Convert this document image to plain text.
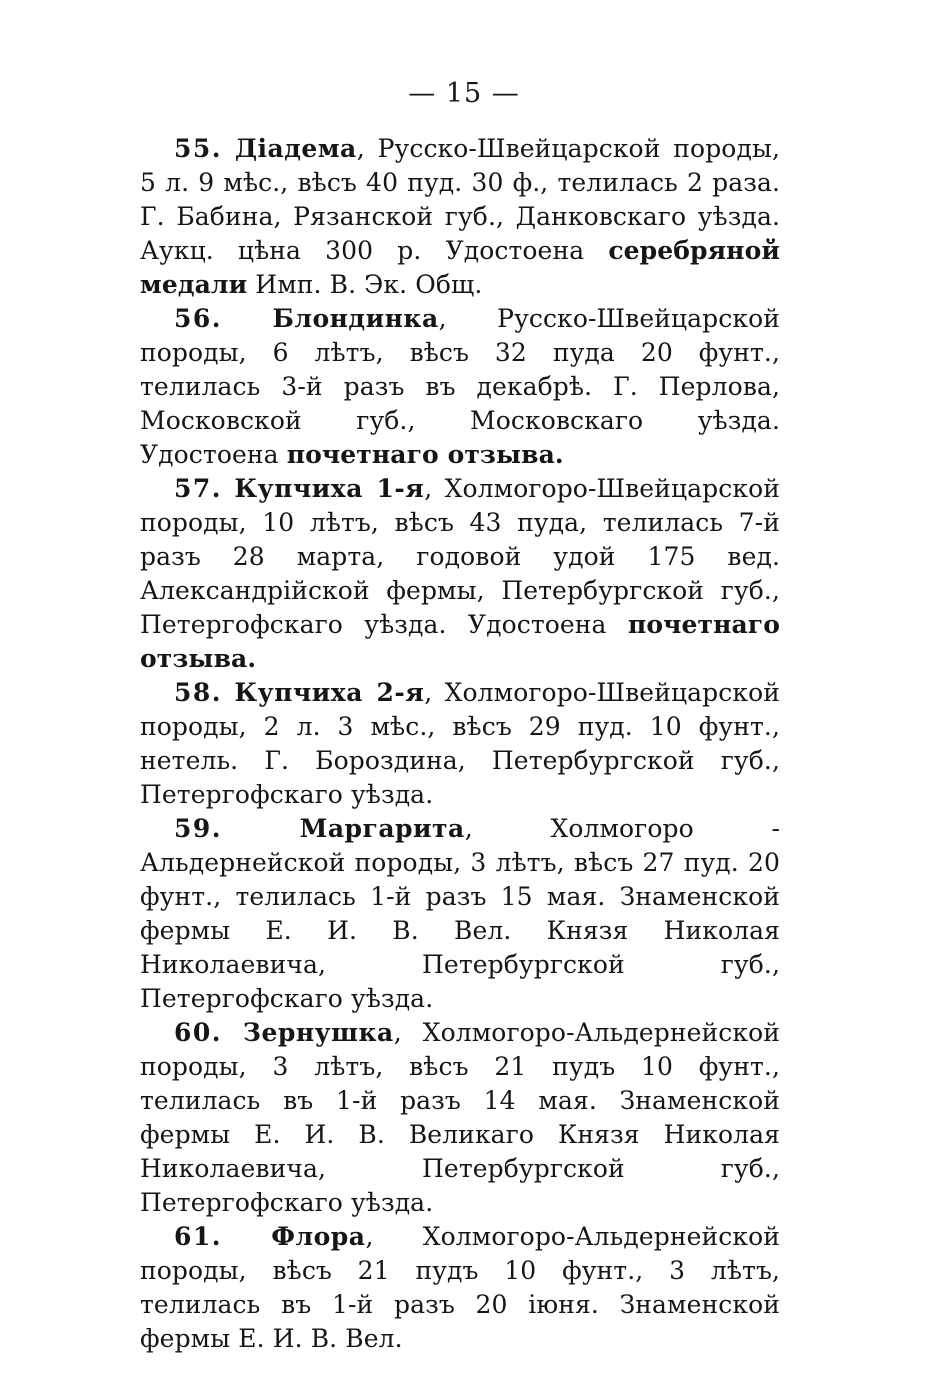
— 15 —

55. Діадема, Русско-Швейцарской породы, 5 л. 9 мѣс., вѣсъ 40 пуд. 30 ф., телилась 2 раза. Г. Бабина, Рязанской губ., Данковскаго уѣзда. Аукц. цѣна 300 р. Удостоена серебряной медали Имп. В. Эк. Общ.

56. Блондинка, Русско-Швейцарской породы, 6 лѣтъ, вѣсъ 32 пуда 20 фунт., телилась 3-й разъ въ декабрѣ. Г. Перлова, Московской губ., Московскаго уѣзда. Удостоена почетнаго отзыва.

57. Купчиха 1-я, Холмогоро-Швейцарской породы, 10 лѣтъ, вѣсъ 43 пуда, телилась 7-й разъ 28 марта, годовой удой 175 вед. Александрійской фермы, Петербургской губ., Петергофскаго уѣзда. Удостоена почетнаго отзыва.

58. Купчиха 2-я, Холмогоро-Швейцарской породы, 2 л. 3 мѣс., вѣсъ 29 пуд. 10 фунт., нетель. Г. Бороздина, Петербургской губ., Петергофскаго уѣзда.

59.	Маргарита, Холмогоро - Альдернейской породы, 3 лѣтъ, вѣсъ 27 пуд. 20 фунт., телилась 1-й разъ 15 мая. Знаменской фермы Е. И. В. Вел. Князя Николая Николаевича, Петербургской губ., Петергофскаго уѣзда.

60. Зернушка, Холмогоро-Альдернейской породы, 3 лѣтъ, вѣсъ 21 пудъ 10 фунт., телилась въ 1-й разъ 14 мая. Знаменской фермы Е. И. В. Великаго Князя Николая Николаевича, Петербургской губ., Петергофскаго уѣзда.

61. Флора, Холмогоро-Альдернейской породы, вѣсъ 21 пудъ 10 фунт., 3 лѣтъ, телилась въ 1-й разъ 20 іюня. Знаменской фермы Е. И. В. Вел.
